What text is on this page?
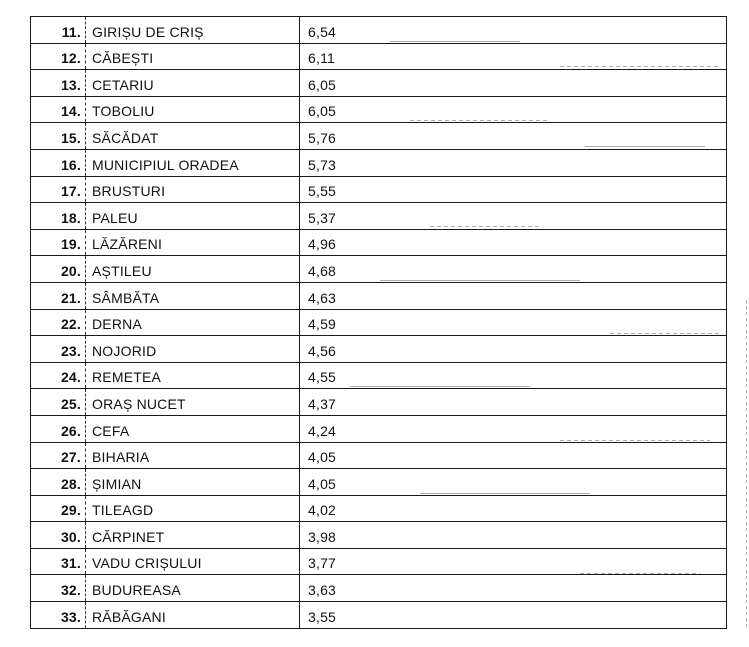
11. GIRIȘU DE CRIȘ	6,54
12. CĂBEȘTI	6,11
13. CETARIU	6,05
14. TOBOLIU	6,05
15. SĂCĂDAT	5,76
16. MUNICIPIUL ORADEA	5,73
17. BRUSTURI	5,55
18. PALEU	5,37
19. LĂZĂRENI	4,96
20. AȘTILEU	4,68
21. SÂMBĂTA	4,63
22. DERNA	4,59
23. NOJORID	4,56
24. REMETEA	4,55
25. ORAȘ NUCET	4,37
26. CEFA	4,24
27. BIHARIA	4,05
28. ȘIMIAN	4,05
29. TILEAGD	4,02
30. CĂRPINET	3,98
31. VADU CRIȘULUI	3,77
32. BUDUREASA	3,63
33. RĂBĂGANI	3,55
